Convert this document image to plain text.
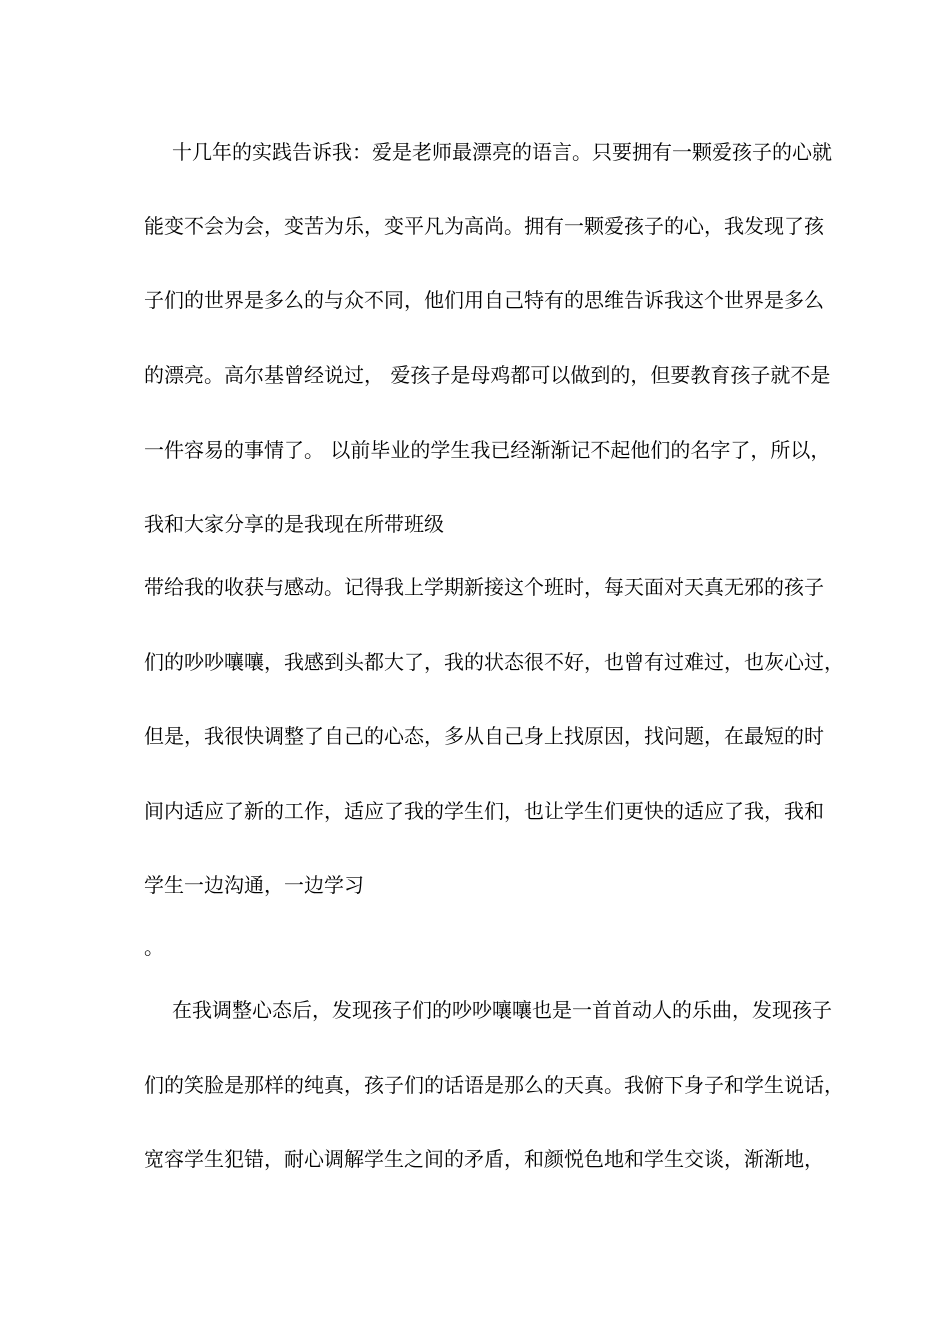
十几年的实践告诉我：爱是老师最漂亮的语言。只要拥有一颗爱孩子的心就
能变不会为会，变苦为乐，变平凡为高尚。拥有一颗爱孩子的心，我发现了孩
子们的世界是多么的与众不同，他们用自己特有的思维告诉我这个世界是多么
的漂亮。高尔基曾经说过， 爱孩子是母鸡都可以做到的，但要教育孩子就不是
一件容易的事情了。 以前毕业的学生我已经渐渐记不起他们的名字了，所以，
我和大家分享的是我现在所带班级
带给我的收获与感动。记得我上学期新接这个班时，每天面对天真无邪的孩子
们的吵吵嚷嚷，我感到头都大了，我的状态很不好，也曾有过难过，也灰心过，
但是，我很快调整了自己的心态，多从自己身上找原因，找问题，在最短的时
间内适应了新的工作，适应了我的学生们，也让学生们更快的适应了我，我和
学生一边沟通，一边学习
。
在我调整心态后，发现孩子们的吵吵嚷嚷也是一首首动人的乐曲，发现孩子
们的笑脸是那样的纯真，孩子们的话语是那么的天真。我俯下身子和学生说话，
宽容学生犯错，耐心调解学生之间的矛盾，和颜悦色地和学生交谈，渐渐地，
